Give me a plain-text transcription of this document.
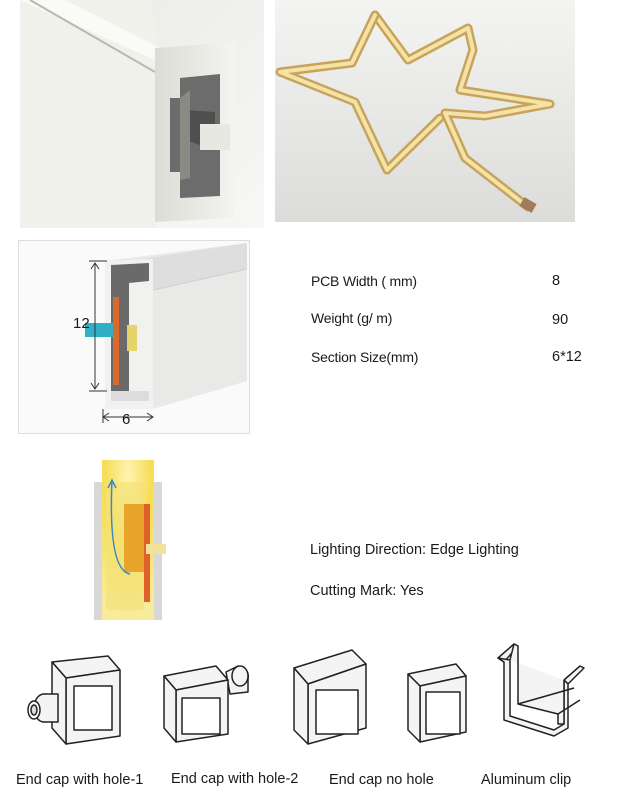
12
6
PCB Width ( mm)	8
Weight (g/ m)	90
Section Size(mm)	6*12
Lighting Direction: Edge Lighting
Cutting Mark: Yes
End cap with hole-1 End cap with hole-2 End cap no hole	Aluminum clip
